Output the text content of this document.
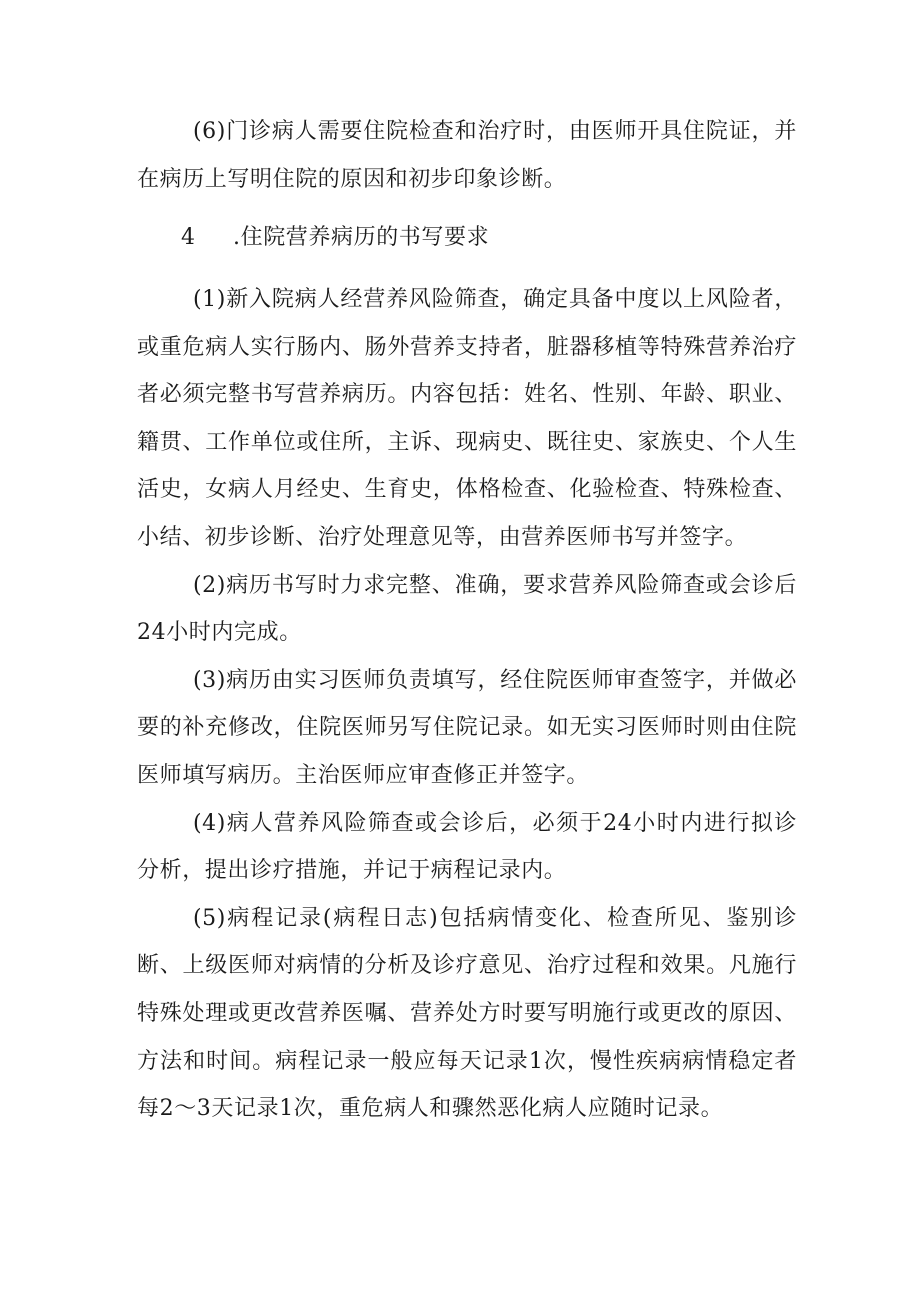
(6)门诊病人需要住院检查和治疗时，由医师开具住院证，并在病历上写明住院的原因和初步印象诊断。

4 .住院营养病历的书写要求

(1)新入院病人经营养风险筛查，确定具备中度以上风险者，或重危病人实行肠内、肠外营养支持者，脏器移植等特殊营养治疗者必须完整书写营养病历。内容包括：姓名、性别、年龄、职业、籍贯、工作单位或住所，主诉、现病史、既往史、家族史、个人生活史，女病人月经史、生育史，体格检查、化验检查、特殊检查、小结、初步诊断、治疗处理意见等，由营养医师书写并签字。

(2)病历书写时力求完整、准确，要求营养风险筛查或会诊后24小时内完成。

(3)病历由实习医师负责填写，经住院医师审查签字，并做必要的补充修改，住院医师另写住院记录。如无实习医师时则由住院医师填写病历。主治医师应审查修正并签字。

(4)病人营养风险筛查或会诊后，必须于24小时内进行拟诊分析，提出诊疗措施，并记于病程记录内。

(5)病程记录(病程日志)包括病情变化、检查所见、鉴别诊断、上级医师对病情的分析及诊疗意见、治疗过程和效果。凡施行特殊处理或更改营养医嘱、营养处方时要写明施行或更改的原因、方法和时间。病程记录一般应每天记录1次，慢性疾病病情稳定者每2～3天记录1次，重危病人和骤然恶化病人应随时记录。
